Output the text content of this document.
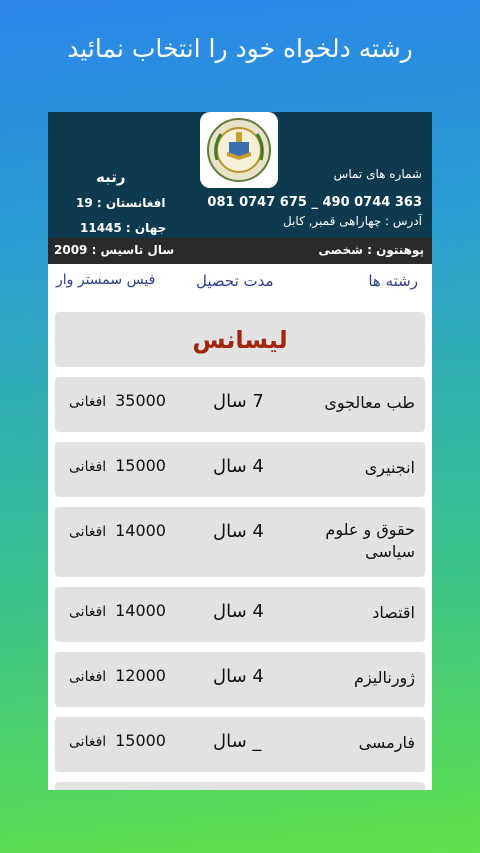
رشته دلخواه خود را انتخاب نمائید
شماره های تماس
081 0747 675 _ 490 0744 363
آدرس : چهاراهی قمبر, کابل
رتبه
افغانستان : 19
جهان : 11445
پوهنتون : شخصی
سال تاسیس : 2009
رشته ها
مدت تحصیل
فیس سمستر وار
لیسانس
طب معالجوی
7 سال
35000  افغانی
انجنیری
4 سال
15000  افغانی
حقوق و علوم سیاسی
4 سال
14000  افغانی
اقتصاد
4 سال
14000  افغانی
ژورنالیزم
4 سال
12000  افغانی
فارمسی
_ سال
15000  افغانی
